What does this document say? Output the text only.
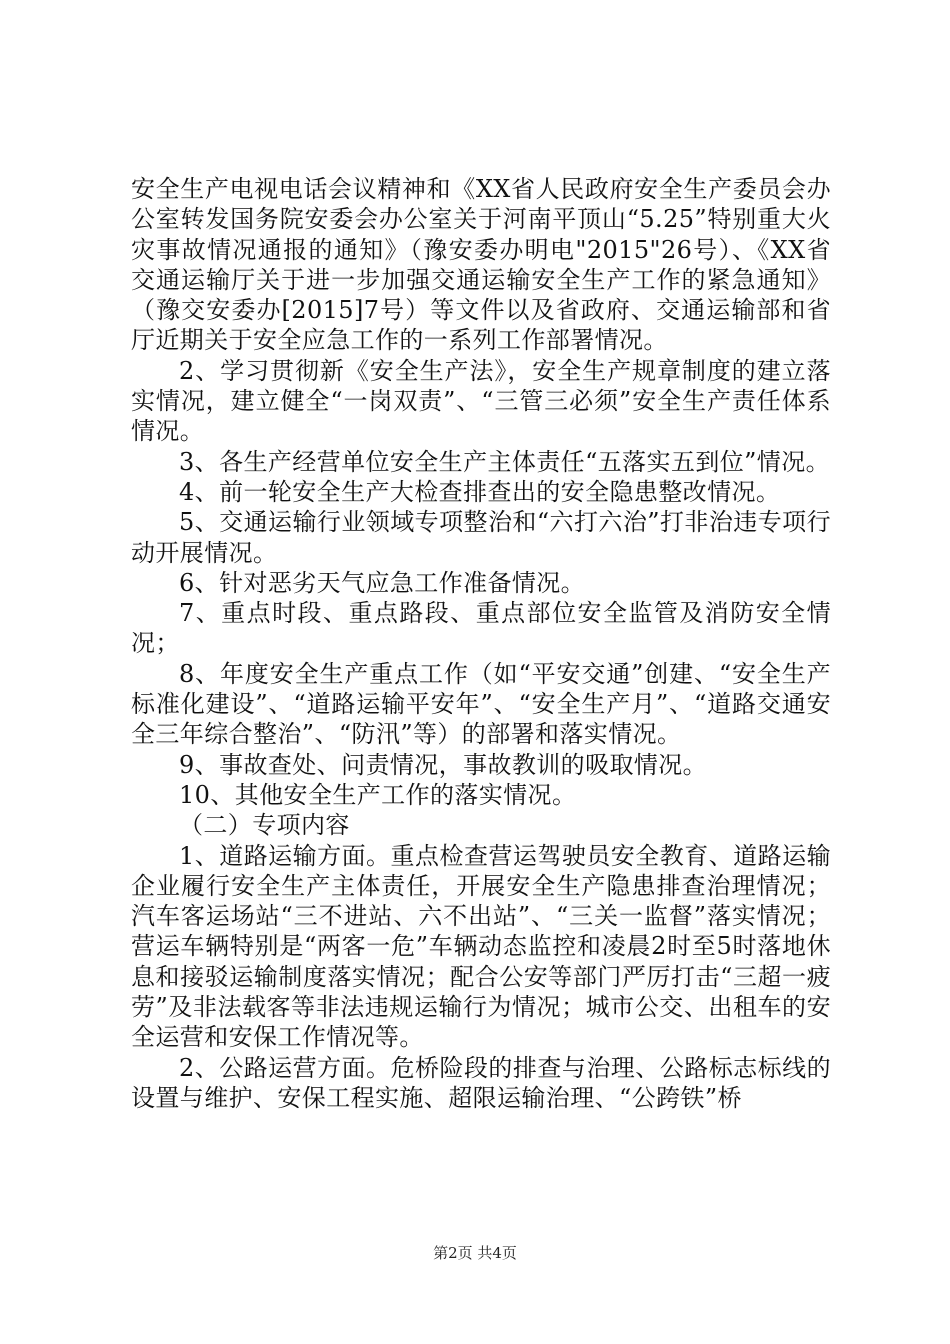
安全生产电视电话会议精神和《XX省人民政府安全生产委员会办公室转发国务院安委会办公室关于河南平顶山“5.25”特别重大火灾事故情况通报的通知》（豫安委办明电"2015"26号）、《XX省交通运输厅关于进一步加强交通运输安全生产工作的紧急通知》（豫交安委办[2015]7号）等文件以及省政府、交通运输部和省厅近期关于安全应急工作的一系列工作部署情况。

2、学习贯彻新《安全生产法》，安全生产规章制度的建立落实情况，建立健全“一岗双责”、“三管三必须”安全生产责任体系情况。

3、各生产经营单位安全生产主体责任“五落实五到位”情况。

4、前一轮安全生产大检查排查出的安全隐患整改情况。

5、交通运输行业领域专项整治和“六打六治”打非治违专项行动开展情况。

6、针对恶劣天气应急工作准备情况。

7、重点时段、重点路段、重点部位安全监管及消防安全情况；

8、年度安全生产重点工作（如“平安交通”创建、“安全生产标准化建设”、“道路运输平安年”、“安全生产月”、“道路交通安全三年综合整治”、“防汛”等）的部署和落实情况。

9、事故查处、问责情况，事故教训的吸取情况。

10、其他安全生产工作的落实情况。

（二）专项内容

1、道路运输方面。重点检查营运驾驶员安全教育、道路运输企业履行安全生产主体责任，开展安全生产隐患排查治理情况；汽车客运场站“三不进站、六不出站”、“三关一监督”落实情况；营运车辆特别是“两客一危”车辆动态监控和凌晨2时至5时落地休息和接驳运输制度落实情况；配合公安等部门严厉打击“三超一疲劳”及非法载客等非法违规运输行为情况；城市公交、出租车的安全运营和安保工作情况等。

2、公路运营方面。危桥险段的排查与治理、公路标志标线的设置与维护、安保工程实施、超限运输治理、“公跨铁”桥

第2页 共4页
